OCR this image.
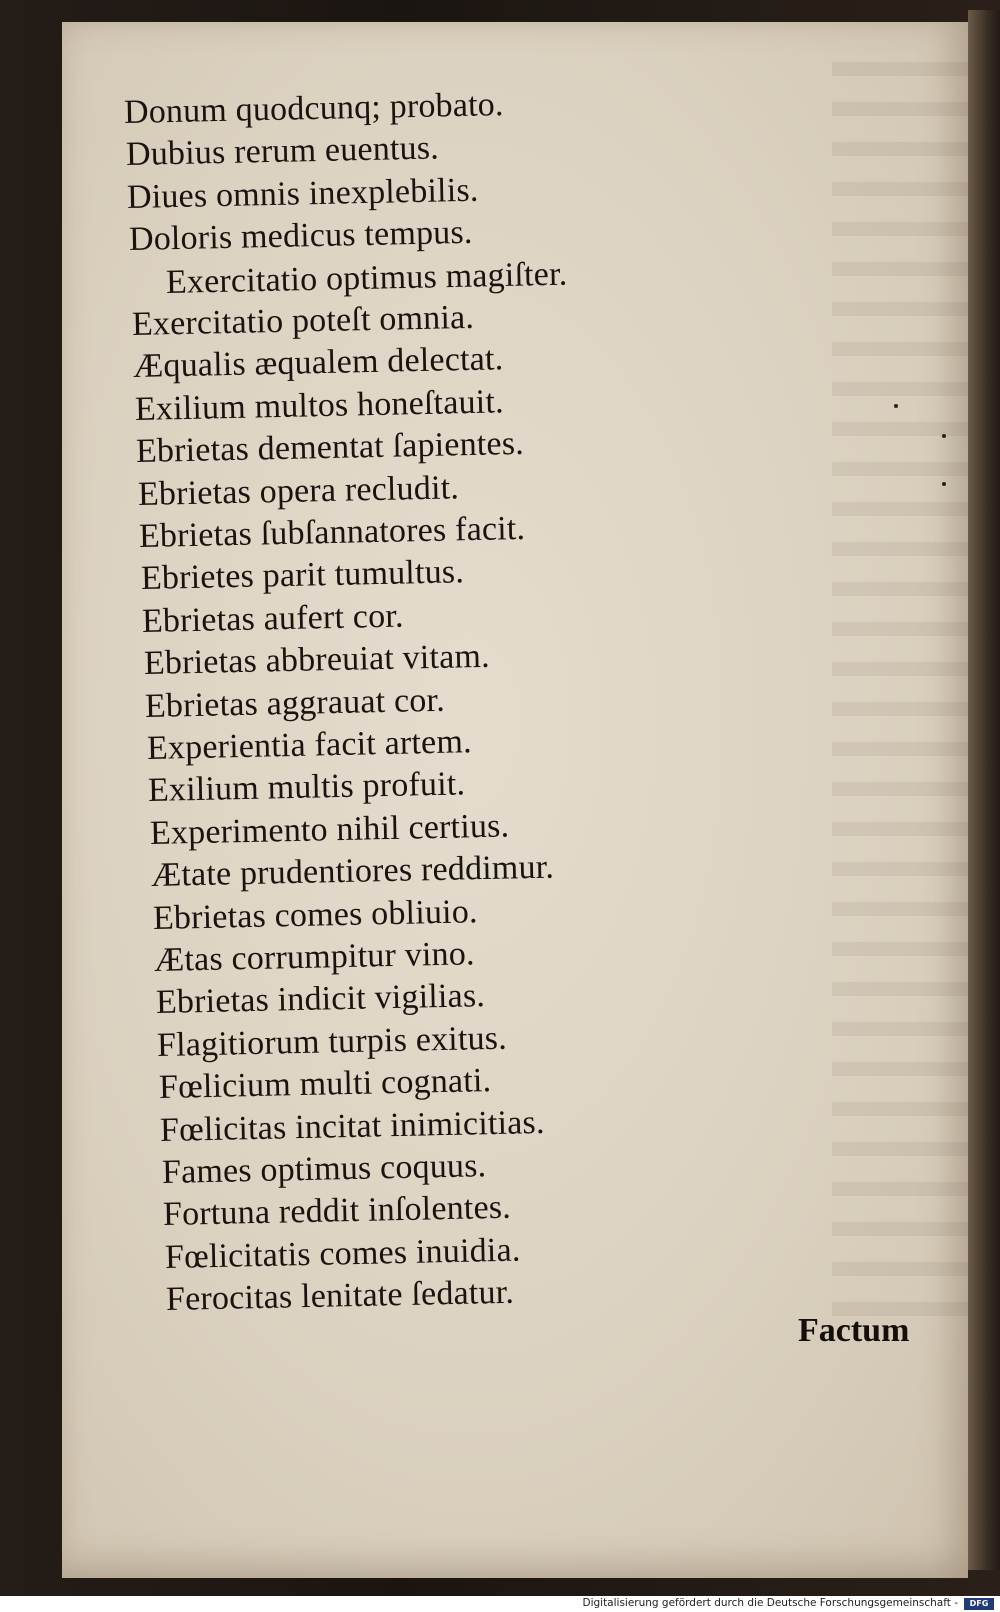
Donum quodcunq; probato.
Dubius rerum euentus.
Diues omnis inexplebilis.
Doloris medicus tempus.
Exercitatio optimus magiſter.
Exercitatio poteſt omnia.
Æqualis æqualem delectat.
Exilium multos honeſtauit.
Ebrietas dementat ſapientes.
Ebrietas opera recludit.
Ebrietas ſubſannatores facit.
Ebrietes parit tumultus.
Ebrietas aufert cor.
Ebrietas abbreuiat vitam.
Ebrietas aggrauat cor.
Experientia facit artem.
Exilium multis profuit.
Experimento nihil certius.
Ætate prudentiores reddimur.
Ebrietas comes obliuio.
Ætas corrumpitur vino.
Ebrietas indicit vigilias.
Flagitiorum turpis exitus.
Fœlicium multi cognati.
Fœlicitas incitat inimicitias.
Fames optimus coquus.
Fortuna reddit inſolentes.
Fœlicitatis comes inuidia.
Ferocitas lenitate ſedatur.
Factum
Digitalisierung gefördert durch die Deutsche Forschungsgemeinschaft -	DFG
